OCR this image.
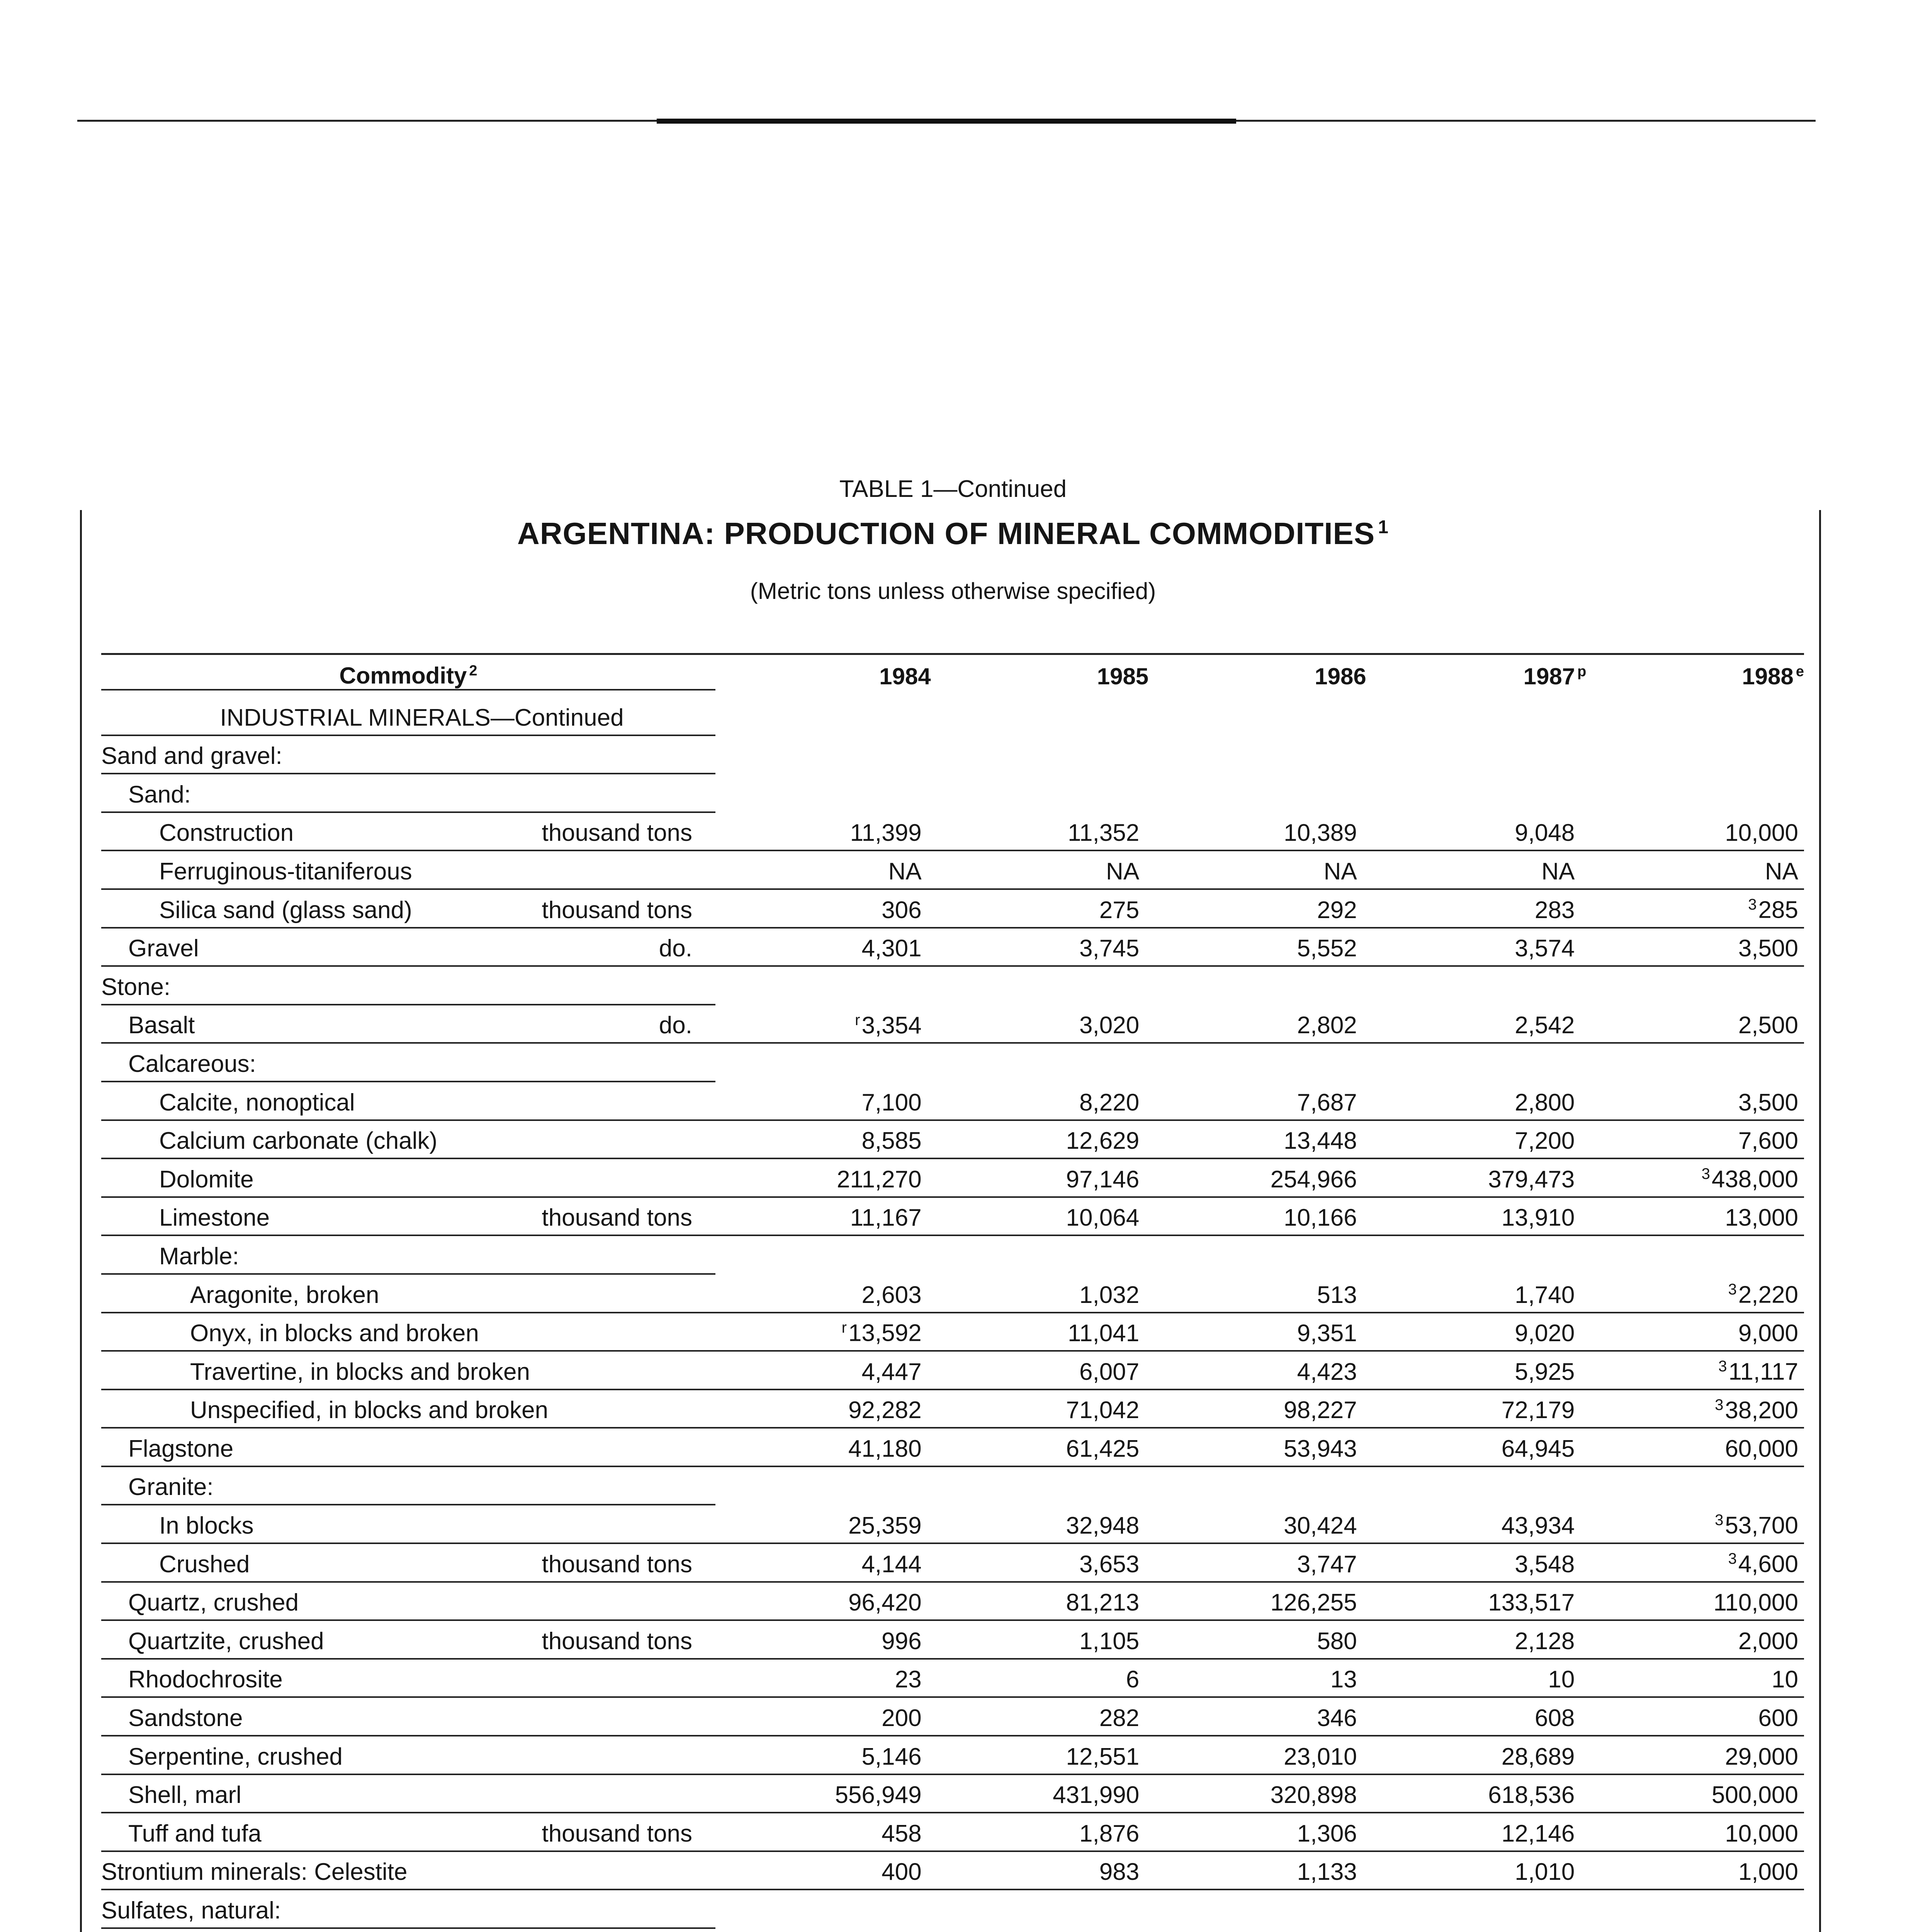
TABLE 1—Continued
ARGENTINA: PRODUCTION OF MINERAL COMMODITIES $^1$
(Metric tons unless otherwise specified)
Commodity $^2$	1984	1985	1986	1987 $^p$	1988 $^e$
INDUSTRIAL MINERALS—Continued
Sand and gravel:
Sand:
Construction	thousand tons	11,399	11,352	10,389	9,048	10,000
Ferruginous-titaniferous	NA	NA	NA	NA	NA
Silica sand (glass sand)	thousand tons	306	275	292	283	$^3$285
Gravel	do.	4,301	3,745	5,552	3,574	3,500
Stone:
Basalt	do.	$^r$3,354	3,020	2,802	2,542	2,500
Calcareous:
Calcite, nonoptical	7,100	8,220	7,687	2,800	3,500
Calcium carbonate (chalk)	8,585	12,629	13,448	7,200	7,600
Dolomite	211,270	97,146	254,966	379,473	$^3$438,000
Limestone	thousand tons	11,167	10,064	10,166	13,910	13,000
Marble:
Aragonite, broken	2,603	1,032	513	1,740	$^3$2,220
Onyx, in blocks and broken	$^r$13,592	11,041	9,351	9,020	9,000
Travertine, in blocks and broken	4,447	6,007	4,423	5,925	$^3$11,117
Unspecified, in blocks and broken	92,282	71,042	98,227	72,179	$^3$38,200
Flagstone	41,180	61,425	53,943	64,945	60,000
Granite:
In blocks	25,359	32,948	30,424	43,934	$^3$53,700
Crushed	thousand tons	4,144	3,653	3,747	3,548	$^3$4,600
Quartz, crushed	96,420	81,213	126,255	133,517	110,000
Quartzite, crushed	thousand tons	996	1,105	580	2,128	2,000
Rhodochrosite	23	6	13	10	10
Sandstone	200	282	346	608	600
Serpentine, crushed	5,146	12,551	23,010	28,689	29,000
Shell, marl	556,949	431,990	320,898	618,536	500,000
Tuff and tufa	thousand tons	458	1,876	1,306	12,146	10,000
Strontium minerals: Celestite	400	983	1,133	1,010	1,000
Sulfates, natural:
